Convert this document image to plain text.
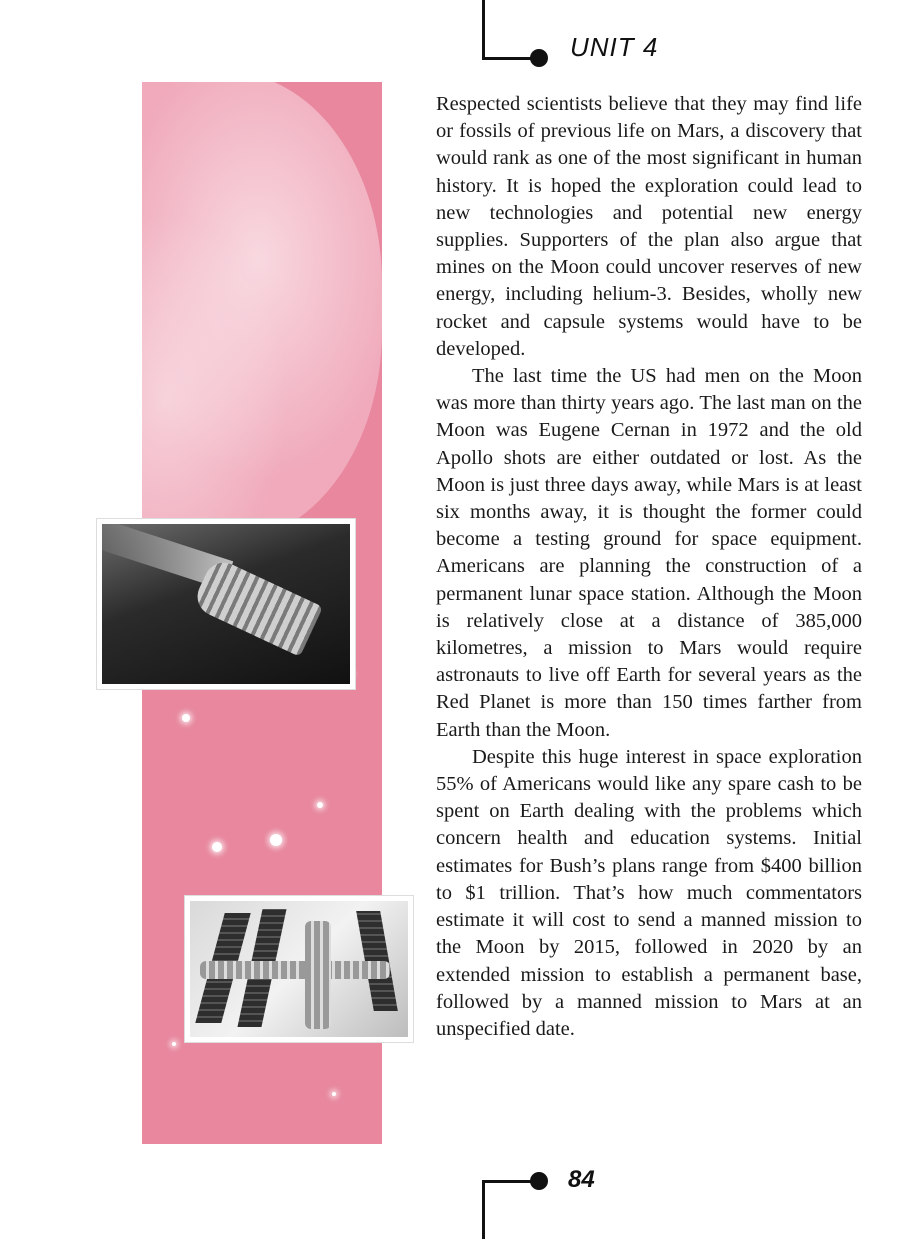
UNIT 4

Respected scientists believe that they may find life or fossils of previous life on Mars, a discovery that would rank as one of the most significant in human history. It is hoped the exploration could lead to new technologies and potential new energy supplies. Supporters of the plan also argue that mines on the Moon could uncover reserves of new energy, including helium-3. Besides, wholly new rocket and capsule systems would have to be developed.

The last time the US had men on the Moon was more than thirty years ago. The last man on the Moon was Eugene Cernan in 1972 and the old Apollo shots are either outdated or lost. As the Moon is just three days away, while Mars is at least six months away, it is thought the former could become a testing ground for space equipment. Americans are planning the construction of a permanent lunar space station. Although the Moon is relatively close at a distance of 385,000 kilometres, a mission to Mars would require astronauts to live off Earth for several years as the Red Planet is more than 150 times farther from Earth than the Moon.

Despite this huge interest in space exploration 55% of Americans would like any spare cash to be spent on Earth dealing with the problems which concern health and education systems. Initial estimates for Bush’s plans range from $400 billion to $1 trillion. That’s how much commentators estimate it will cost to send a manned mission to the Moon by 2015, followed in 2020 by an extended mission to establish a permanent base, followed by a manned mission to Mars at an unspecified date.

84
